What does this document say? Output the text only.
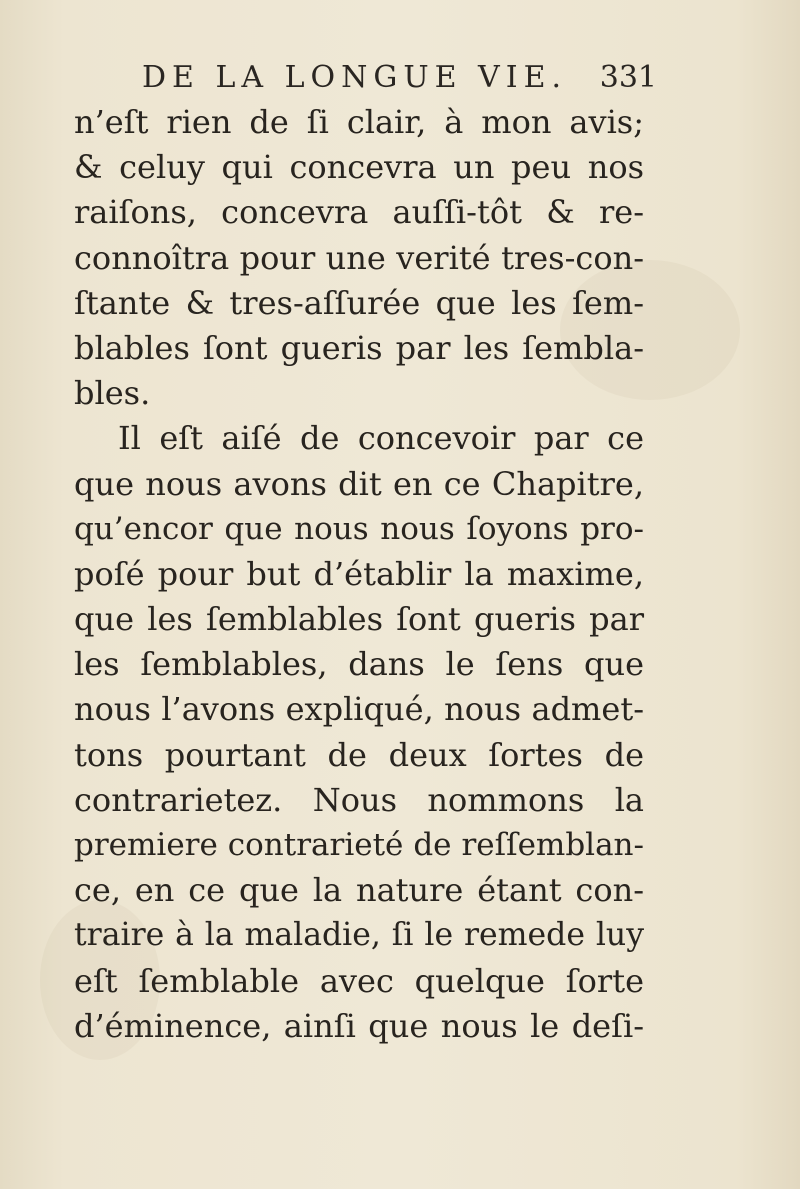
DE LA LONGUE VIE. 331
n’eſt rien de ſi clair, à mon avis;
& celuy qui concevra un peu nos
raiſons, concevra auſſi-tôt & re-
connoîtra pour une verité tres-con-
ſtante & tres-aſſurée que les ſem-
blables ſont gueris par les ſembla-
bles.
Il eſt aiſé de concevoir par ce
que nous avons dit en ce Chapitre,
qu’encor que nous nous ſoyons pro-
poſé pour but d’établir la maxime,
que les ſemblables ſont gueris par
les ſemblables, dans le ſens que
nous l’avons expliqué, nous admet-
tons pourtant de deux ſortes de
contrarietez. Nous nommons la
premiere contrarieté de reſſemblan-
ce, en ce que la nature étant con-
traire à la maladie, ſi le remede luy
eſt ſemblable avec quelque ſorte
d’éminence, ainſi que nous le deſi-
